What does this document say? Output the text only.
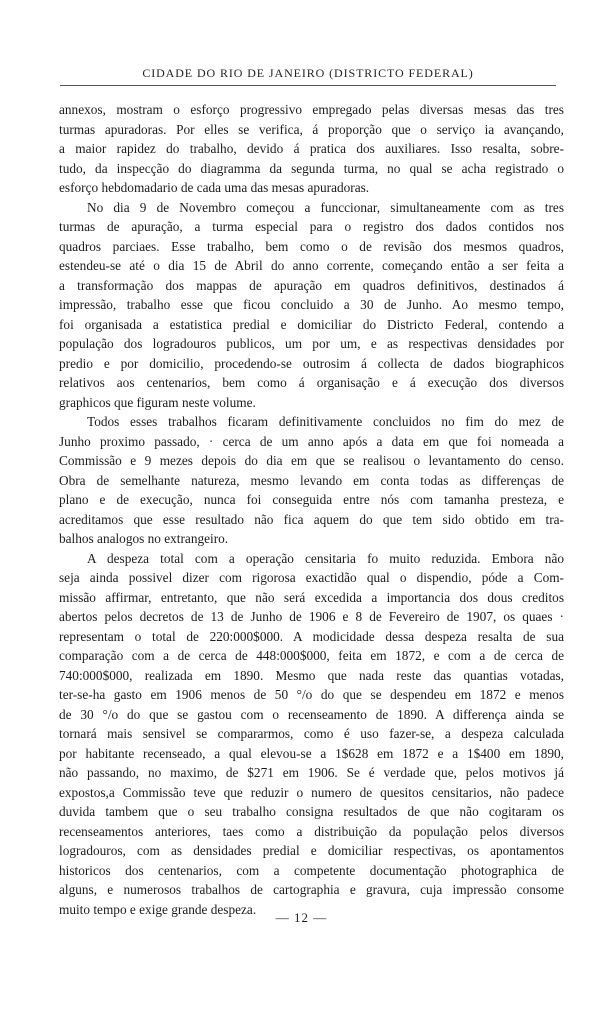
CIDADE DO RIO DE JANEIRO (DISTRICTO FEDERAL)

annexos, mostram o esforço progressivo empregado pelas diversas mesas das tres
turmas apuradoras. Por elles se verifica, á proporção que o serviço ia avançando,
a maior rapidez do trabalho, devido á pratica dos auxiliares. Isso resalta, sobre-
tudo, da inspecção do diagramma da segunda turma, no qual se acha registrado o
esforço hebdomadario de cada uma das mesas apuradoras.

No dia 9 de Novembro começou a funccionar, simultaneamente com as tres
turmas de apuração, a turma especial para o registro dos dados contidos nos
quadros parciaes. Esse trabalho, bem como o de revisão dos mesmos quadros,
estendeu-se até o dia 15 de Abril do anno corrente, começando então a ser feita a
a transformação dos mappas de apuração em quadros definitivos, destinados á
impressão, trabalho esse que ficou concluido a 30 de Junho. Ao mesmo tempo,
foi organisada a estatistica predial e domiciliar do Districto Federal, contendo a
população dos logradouros publicos, um por um, e as respectivas densidades por
predio e por domicilio, procedendo-se outrosim á collecta de dados biographicos
relativos aos centenarios, bem como á organisação e á execução dos diversos
graphicos que figuram neste volume.

Todos esses trabalhos ficaram definitivamente concluidos no fim do mez de
Junho proximo passado, · cerca de um anno após a data em que foi nomeada a
Commissão e 9 mezes depois do dia em que se realisou o levantamento do censo.
Obra de semelhante natureza, mesmo levando em conta todas as differenças de
plano e de execução, nunca foi conseguida entre nós com tamanha presteza, e
acreditamos que esse resultado não fica aquem do que tem sido obtido em tra-
balhos analogos no extrangeiro.

A despeza total com a operação censitaria fo muito reduzida. Embora não
seja ainda possivel dizer com rigorosa exactidão qual o dispendio, póde a Com-
missão affirmar, entretanto, que não será excedida a importancia dos dous creditos
abertos pelos decretos de 13 de Junho de 1906 e 8 de Fevereiro de 1907, os quaes ·
representam o total de 220:000$000. A modicidade dessa despeza resalta de sua
comparação com a de cerca de 448:000$000, feita em 1872, e com a de cerca de
740:000$000, realizada em 1890. Mesmo que nada reste das quantias votadas,
ter-se-ha gasto em 1906 menos de 50 °/o do que se despendeu em 1872 e menos
de 30 °/o do que se gastou com o recenseamento de 1890. A differença ainda se
tornará mais sensivel se compararmos, como é uso fazer-se, a despeza calculada
por habitante recenseado, a qual elevou-se a 1$628 em 1872 e a 1$400 em 1890,
não passando, no maximo, de $271 em 1906. Se é verdade que, pelos motivos já
expostos,a Commissão teve que reduzir o numero de quesitos censitarios, não padece
duvida tambem que o seu trabalho consigna resultados de que não cogitaram os
recenseamentos anteriores, taes como a distribuição da população pelos diversos
logradouros, com as densidades predial e domiciliar respectivas, os apontamentos
historicos dos centenarios, com a competente documentação photographica de
alguns, e numerosos trabalhos de cartographia e gravura, cuja impressão consome
muito tempo e exige grande despeza.

— 12 —
